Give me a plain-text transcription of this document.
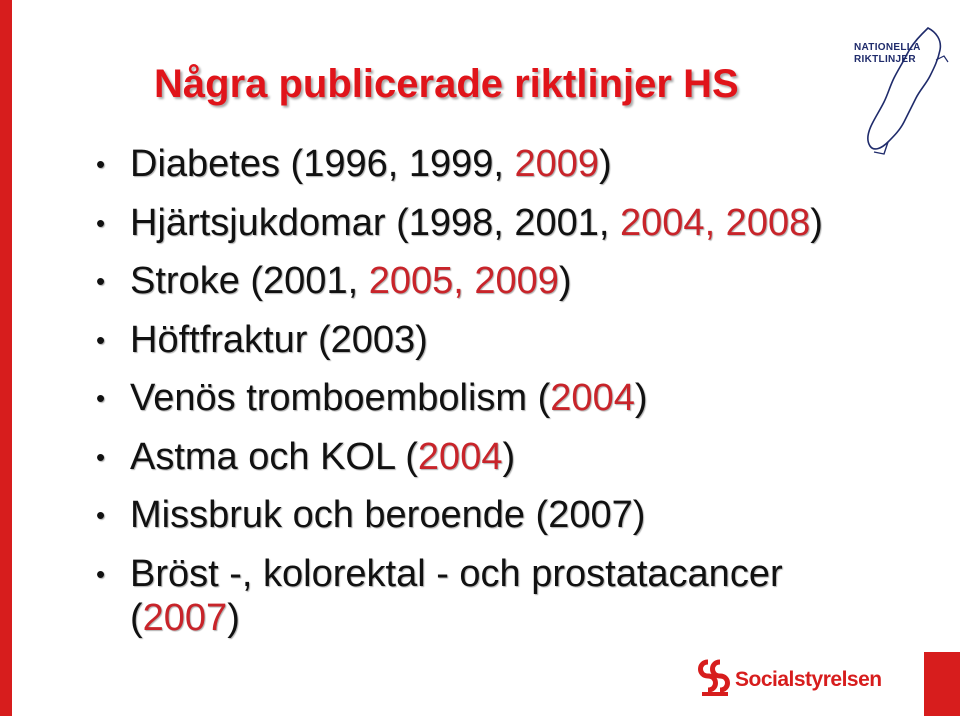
Några publicerade riktlinjer HS
• Diabetes (1996, 1999, 2009)
• Hjärtsjukdomar (1998, 2001, 2004, 2008)
• Stroke (2001, 2005, 2009)
• Höftfraktur (2003)
• Venös tromboembolism (2004)
• Astma och KOL (2004)
• Missbruk och beroende (2007)
• Bröst -, kolorektal - och prostatacancer (2007)
NATIONELLA
RIKTLINJER
Socialstyrelsen
